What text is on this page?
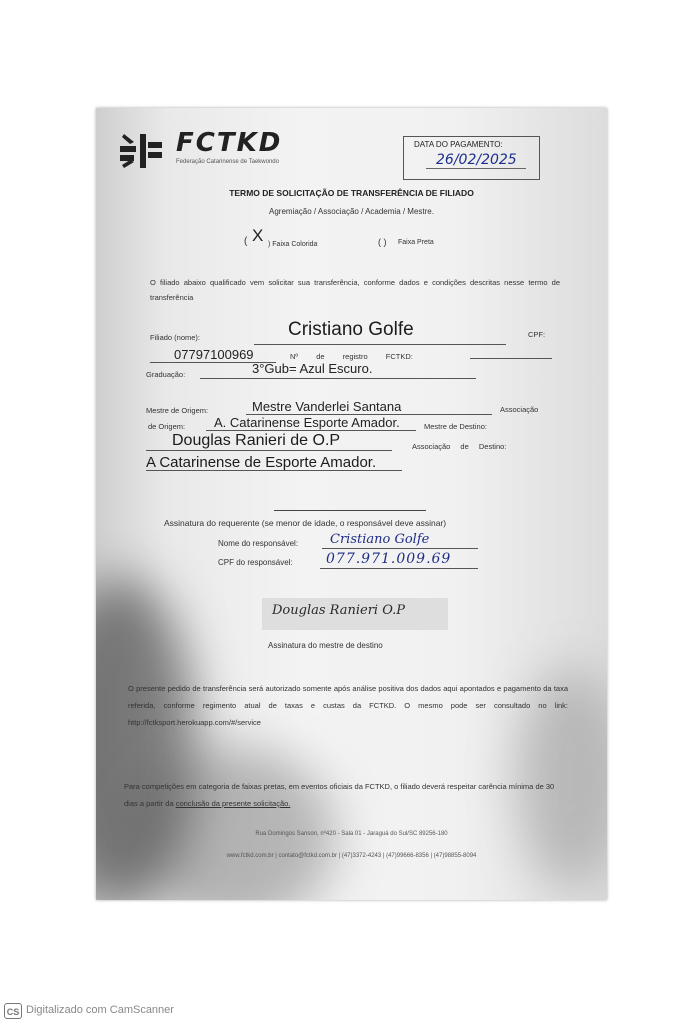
FCTKD
Federação Catarinense de Taekwondo
DATA DO PAGAMENTO:
26/02/2025
TERMO DE SOLICITAÇÃO DE TRANSFERÊNCIA DE FILIADO
Agremiação / Associação / Academia / Mestre.
( X ) Faixa Colorida	( ) Faixa Preta
O filiado abaixo qualificado vem solicitar sua transferência, conforme dados e condições descritas nesse termo de transferência
Filiado (nome):	Cristiano Golfe	CPF:
07797100969	Nº de registro FCTKD:
Graduação:	3°Gub= Azul Escuro.
Mestre de Origem:	Mestre Vanderlei Santana	Associação
de Origem: A. Catarinense Esporte Amador.	Mestre de Destino:
Douglas Ranieri de O.P	Associação de Destino:
A Catarinense de Esporte Amador.
Assinatura do requerente (se menor de idade, o responsável deve assinar)
Nome do responsável: Cristiano Golfe
CPF do responsável: 077.971.009.69
Douglas Ranieri O.P
Assinatura do mestre de destino
O presente pedido de transferência será autorizado somente após análise positiva dos dados aqui apontados e pagamento da taxa referida, conforme regimento atual de taxas e custas da FCTKD. O mesmo pode ser consultado no link: http://fctksport.herokuapp.com/#/service
Para competições em categoria de faixas pretas, em eventos oficiais da FCTKD, o filiado deverá respeitar carência mínima de 30 dias a partir da conclusão da presente solicitação.
Rua Domingos Sanson, nº420 - Sala 01 - Jaraguá do Sul/SC 89256-180
www.fctkd.com.br | contato@fctkd.com.br | (47)3372-4243 | (47)99666-8356 | (47)98855-8094
CS Digitalizado com CamScanner
